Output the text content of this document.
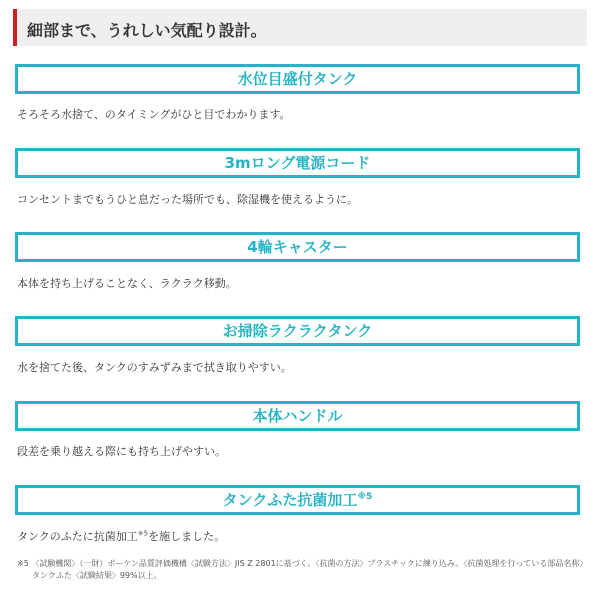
細部まで、うれしい気配り設計。
水位目盛付タンク
そろそろ水捨て、のタイミングがひと目でわかります。
3mロング電源コード
コンセントまでもうひと息だった場所でも、除湿機を使えるように。
4輪キャスター
本体を持ち上げることなく、ラクラク移動。
お掃除ラクラクタンク
水を捨てた後、タンクのすみずみまで拭き取りやすい。
本体ハンドル
段差を乗り越える際にも持ち上げやすい。
タンクふた抗菌加工$^{※5}$
タンクのふたに抗菌加工$^{※5}$を施しました。
※5 〈試験機関〉（一財）ボーケン品質評価機構〈試験方法〉JIS Z 2801に基づく。〈抗菌の方法〉プラスチックに練り込み。〈抗菌処理を行っている部品名称〉
タンクふた〈試験結果〉99%以上。
